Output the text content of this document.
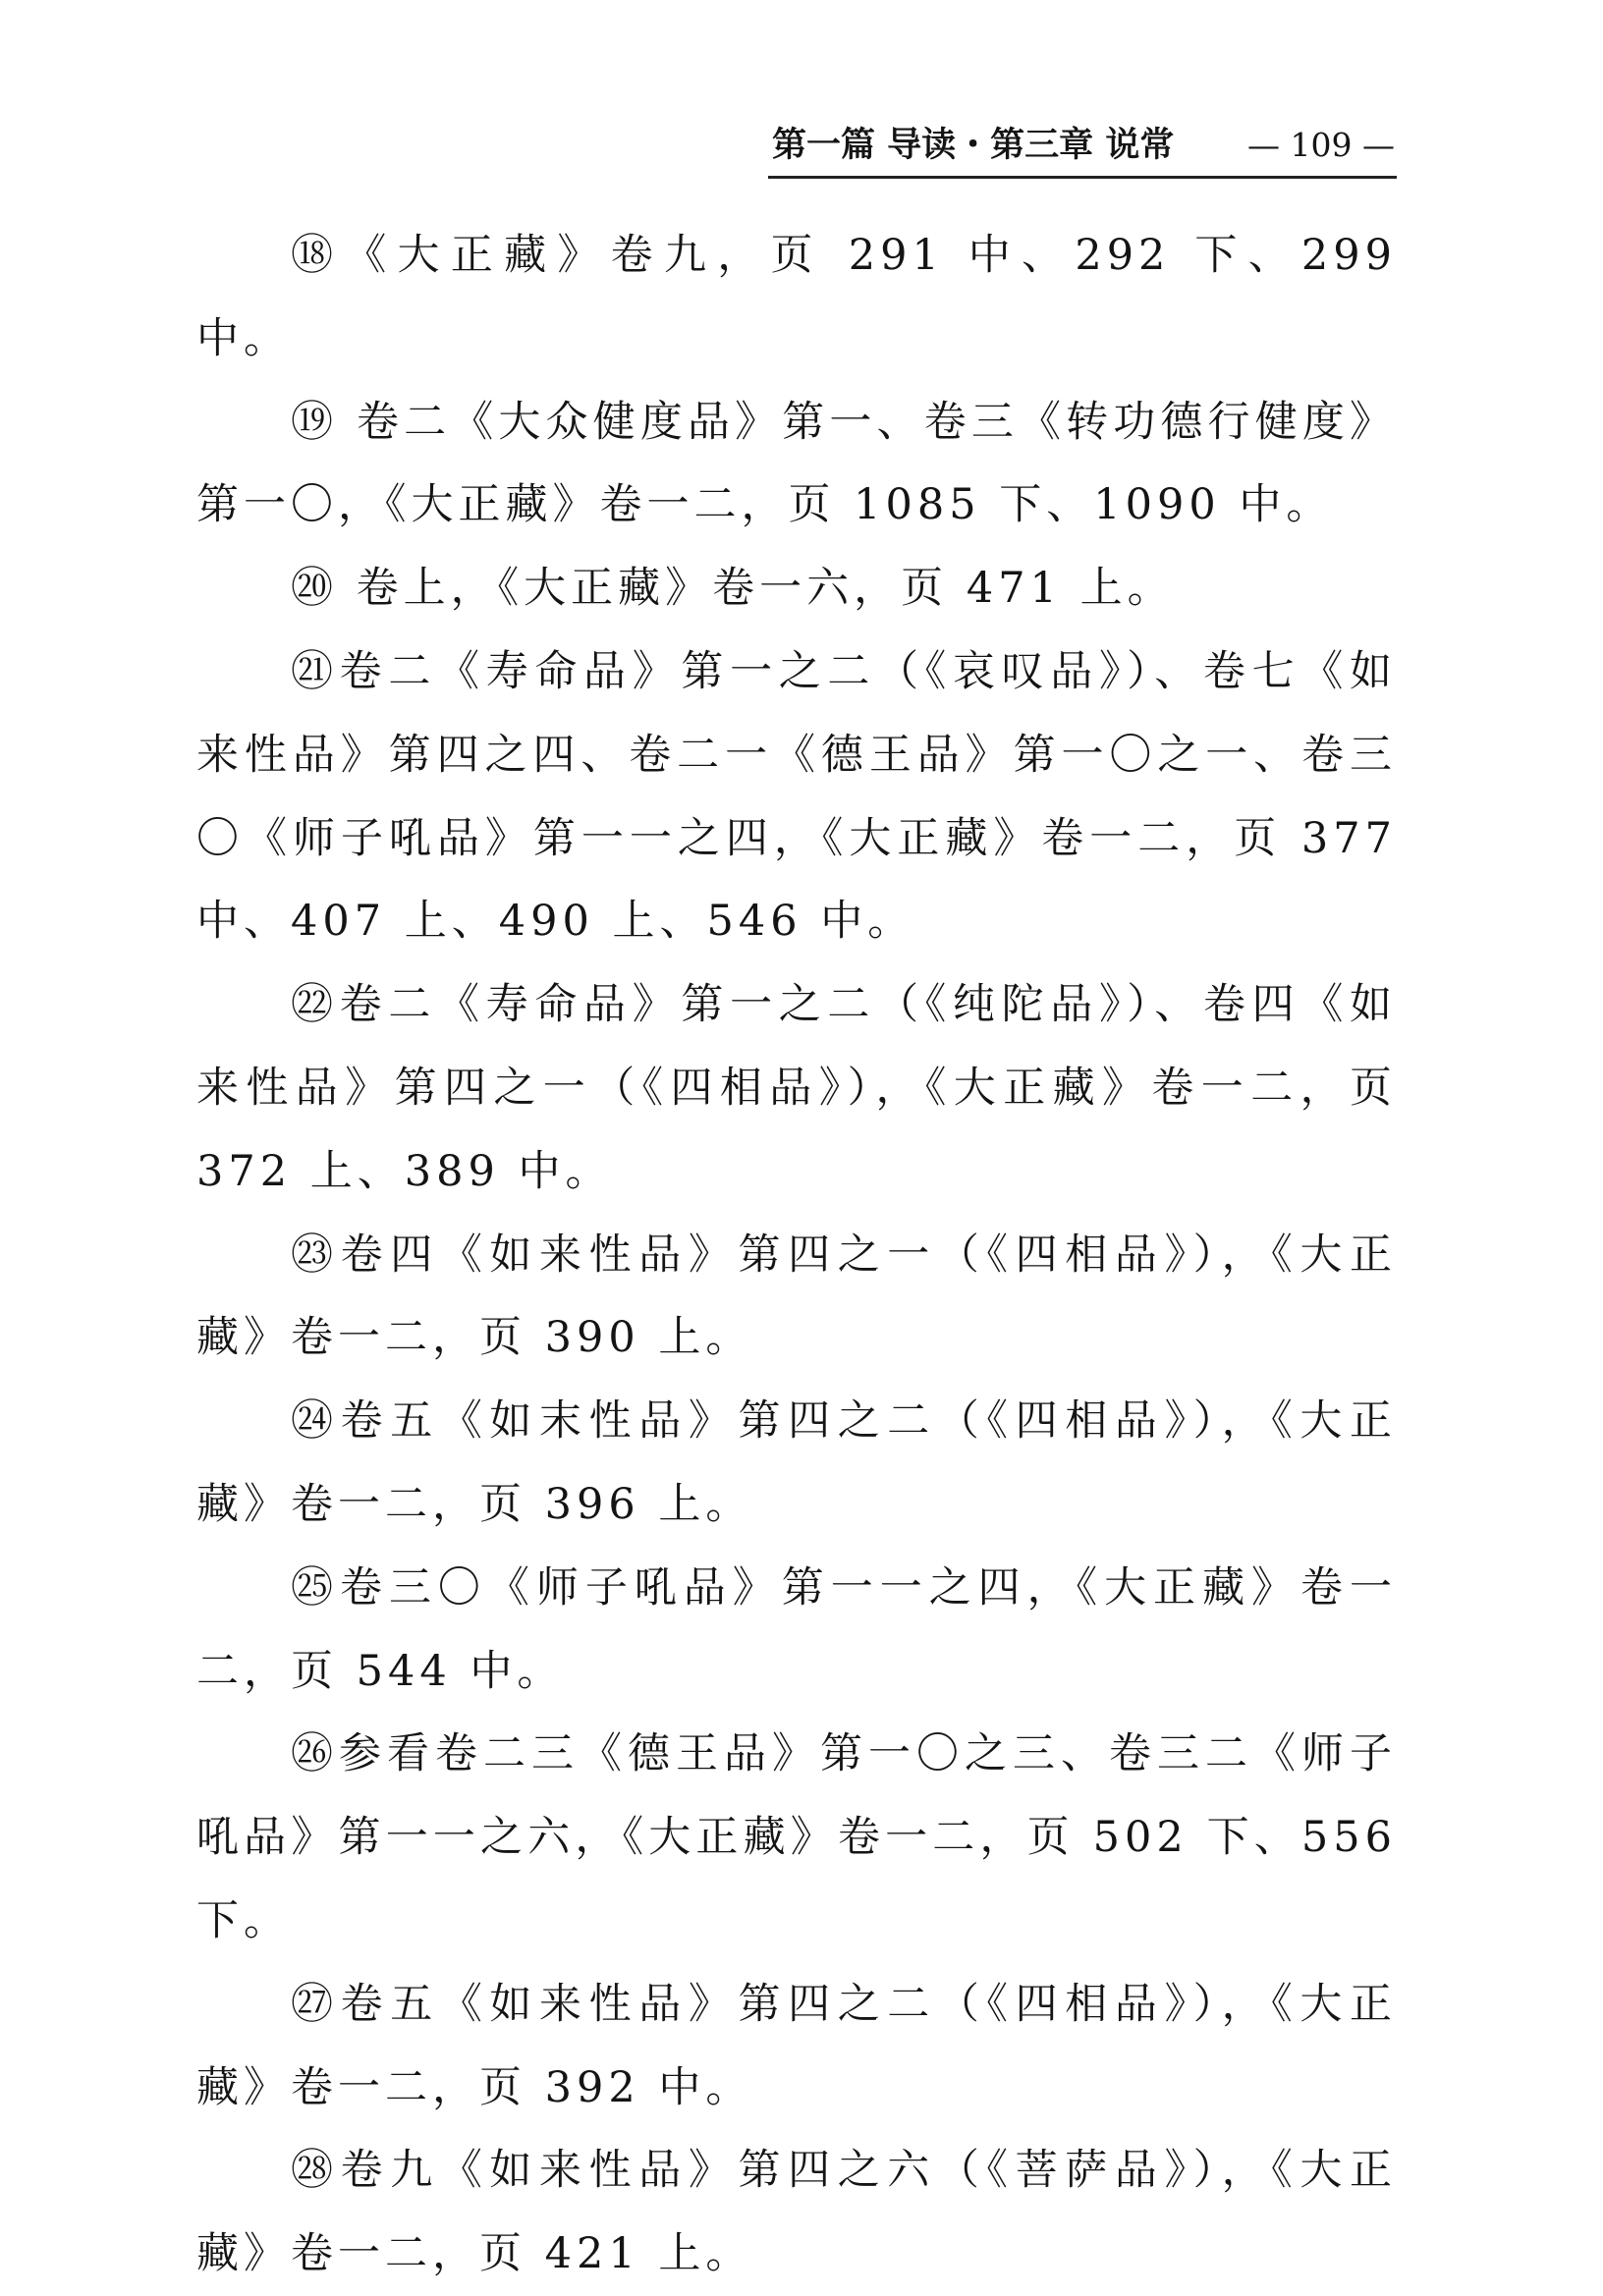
第一篇 导读・第三章 说常 — 109 —

⑱《大正藏》卷九，页 291 中、292 下、299 中。

⑲ 卷二《大众健度品》第一、卷三《转功德行健度》第一〇，《大正藏》卷一二，页 1085 下、1090 中。

⑳ 卷上，《大正藏》卷一六，页 471 上。

㉑卷二《寿命品》第一之二（《哀叹品》）、卷七《如来性品》第四之四、卷二一《德王品》第一〇之一、卷三〇《师子吼品》第一一之四，《大正藏》卷一二，页 377 中、407 上、490 上、546 中。

㉒卷二《寿命品》第一之二（《纯陀品》）、卷四《如来性品》第四之一（《四相品》），《大正藏》卷一二，页 372 上、389 中。

㉓卷四《如来性品》第四之一（《四相品》），《大正藏》卷一二，页 390 上。

㉔卷五《如末性品》第四之二（《四相品》），《大正藏》卷一二，页 396 上。

㉕卷三〇《师子吼品》第一一之四，《大正藏》卷一二，页 544 中。

㉖参看卷二三《德王品》第一〇之三、卷三二《师子吼品》第一一之六，《大正藏》卷一二，页 502 下、556 下。

㉗卷五《如来性品》第四之二（《四相品》），《大正藏》卷一二，页 392 中。

㉘卷九《如来性品》第四之六（《菩萨品》），《大正藏》卷一二，页 421 上。
